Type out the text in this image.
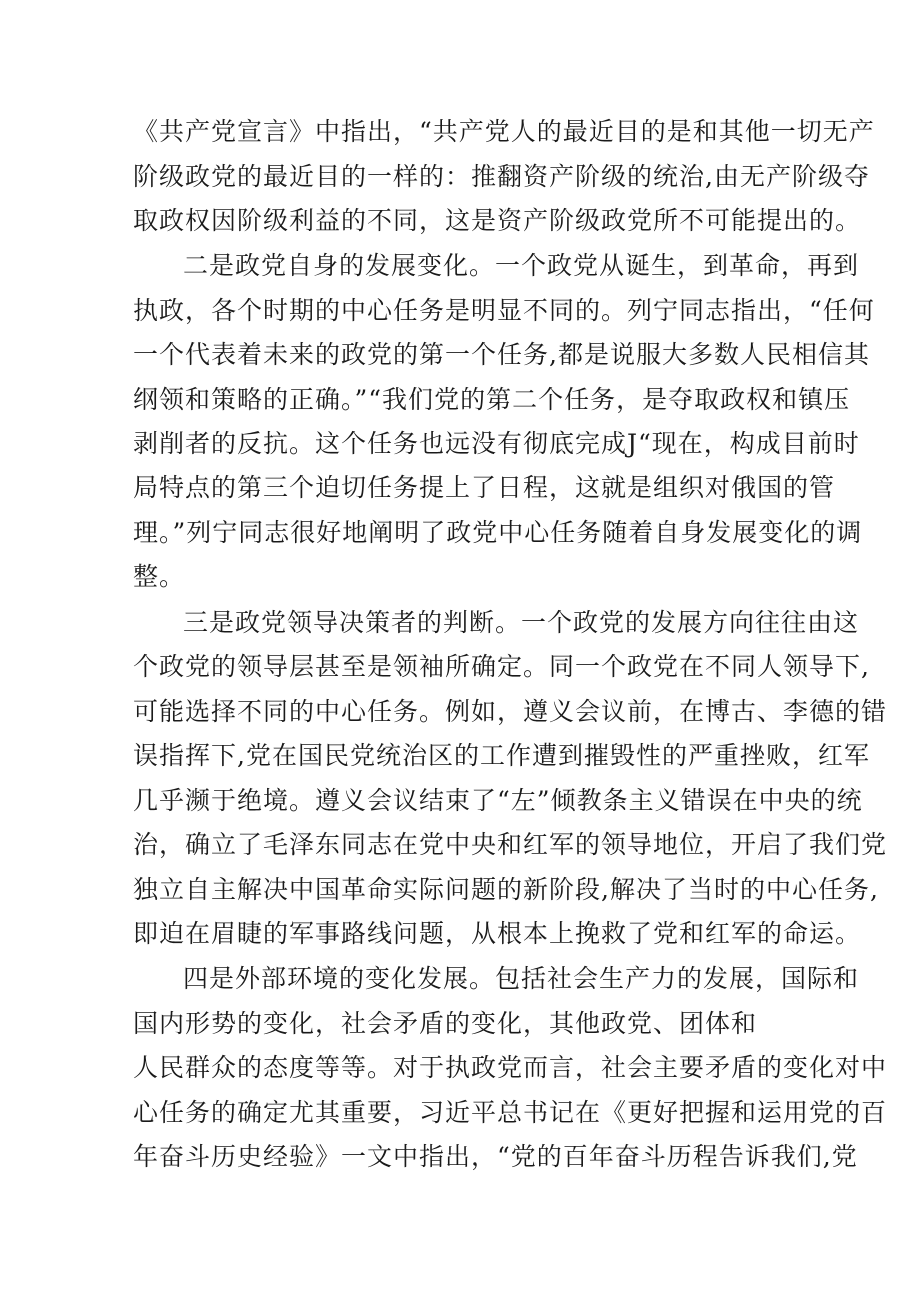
《共产党宣言》中指出，“共产党人的最近目的是和其他一切无产

阶级政党的最近目的一样的：推翻资产阶级的统治,由无产阶级夺

取政权因阶级利益的不同，这是资产阶级政党所不可能提出的。

二是政党自身的发展变化。一个政党从诞生，到革命，再到

执政，各个时期的中心任务是明显不同的。列宁同志指出，“任何

一个代表着未来的政党的第一个任务,都是说服大多数人民相信其

纲领和策略的正确。”“我们党的第二个任务，是夺取政权和镇压

剥削者的反抗。这个任务也远没有彻底完成J“现在，构成目前时

局特点的第三个迫切任务提上了日程，这就是组织对俄国的管

理。”列宁同志很好地阐明了政党中心任务随着自身发展变化的调

整。

三是政党领导决策者的判断。一个政党的发展方向往往由这

个政党的领导层甚至是领袖所确定。同一个政党在不同人领导下,

可能选择不同的中心任务。例如，遵义会议前，在博古、李德的错

误指挥下,党在国民党统治区的工作遭到摧毁性的严重挫败，红军

几乎濒于绝境。遵义会议结束了“左”倾教条主义错误在中央的统

治，确立了毛泽东同志在党中央和红军的领导地位，开启了我们党

独立自主解决中国革命实际问题的新阶段,解决了当时的中心任务,

即迫在眉睫的军事路线问题，从根本上挽救了党和红军的命运。

四是外部环境的变化发展。包括社会生产力的发展，国际和

国内形势的变化，社会矛盾的变化，其他政党、团体和

人民群众的态度等等。对于执政党而言，社会主要矛盾的变化对中

心任务的确定尤其重要，习近平总书记在《更好把握和运用党的百

年奋斗历史经验》一文中指出，“党的百年奋斗历程告诉我们,党
